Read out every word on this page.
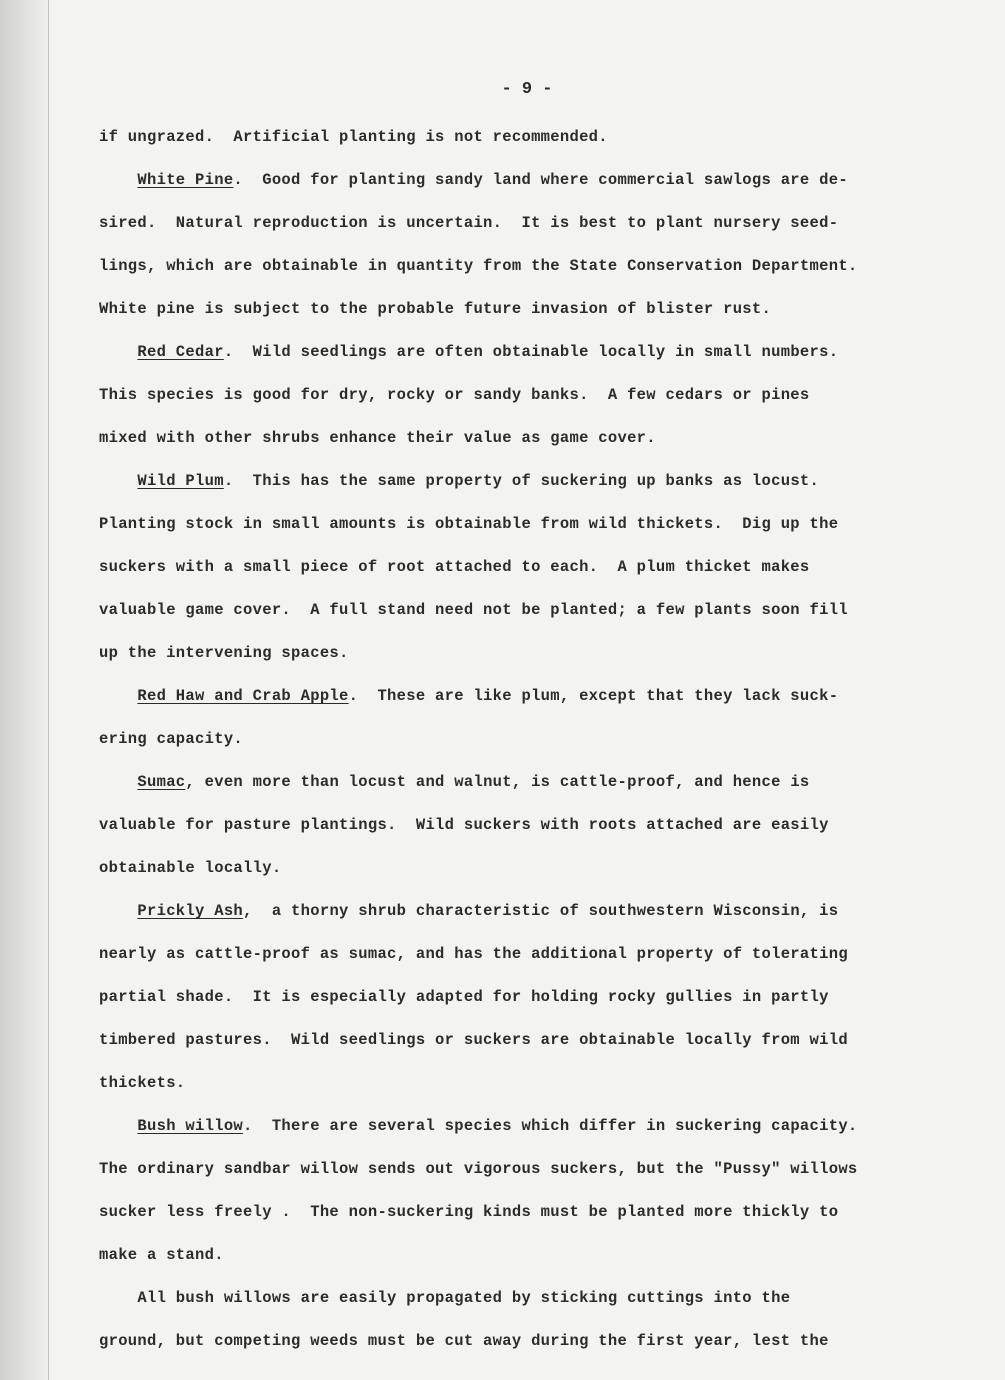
- 9 -
if ungrazed.  Artificial planting is not recommended.
White Pine.  Good for planting sandy land where commercial sawlogs are de-
sired.  Natural reproduction is uncertain.  It is best to plant nursery seed-
lings, which are obtainable in quantity from the State Conservation Department.
White pine is subject to the probable future invasion of blister rust.
Red Cedar.  Wild seedlings are often obtainable locally in small numbers.
This species is good for dry, rocky or sandy banks.  A few cedars or pines
mixed with other shrubs enhance their value as game cover.
Wild Plum.  This has the same property of suckering up banks as locust.
Planting stock in small amounts is obtainable from wild thickets.  Dig up the
suckers with a small piece of root attached to each.  A plum thicket makes
valuable game cover.  A full stand need not be planted; a few plants soon fill
up the intervening spaces.
Red Haw and Crab Apple.  These are like plum, except that they lack suck-
ering capacity.
Sumac, even more than locust and walnut, is cattle-proof, and hence is
valuable for pasture plantings.  Wild suckers with roots attached are easily
obtainable locally.
Prickly Ash,  a thorny shrub characteristic of southwestern Wisconsin, is
nearly as cattle-proof as sumac, and has the additional property of tolerating
partial shade.  It is especially adapted for holding rocky gullies in partly
timbered pastures.  Wild seedlings or suckers are obtainable locally from wild
thickets.
Bush willow.  There are several species which differ in suckering capacity.
The ordinary sandbar willow sends out vigorous suckers, but the "Pussy" willows
sucker less freely .  The non-suckering kinds must be planted more thickly to
make a stand.
All bush willows are easily propagated by sticking cuttings into the
ground, but competing weeds must be cut away during the first year, lest the
